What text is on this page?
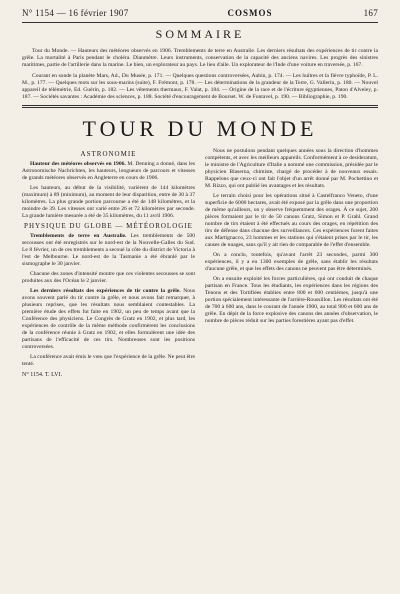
N° 1154 — 16 février 1907	COSMOS	167
SOMMAIRE

Tour du Monde. — Hauteurs des météores observés en 1906. Tremblements de terre en Australie. Les derniers résultats des expériences de tir contre la grêle. La mortalité à Paris pendant le choléra. Dianmètre. Leurs instruments, conservation de la capacité des anciens navires. Les progrès des sinistres maritimes, partie de l'artillerie dans la marine. Le bien, un explorateur au pays. Le lieu d'aile. Un explorateur de l'Inde d'une voiture en traversée, p. 167.

Courant en sonde la planète Mars, Ad., Du Musée, p. 171. — Quelques questions controversées, Aubin, p. 174. — Les huîtres et la fièvre typhoïde, P. L. M., p. 177. — Quelques mots sur les sous-marins (suite), F. Frémont, p. 178. — Les déterminations de la grandeur de la Terre, G. Vallerin, p. 180. — Nouvel appareil de télémétrie, Ed. Guérin, p. 182. — Les vêtements thermaux, F. Valat, p. 184. — Origine de la race et de l'écriture égyptiennes, Paton d'Alveley, p. 187. — Sociétés savantes : Académie des sciences, p. 188. Société d'encouragement de Bourset. W. de Fontavel, p. 190. — Bibliographie, p. 190.

TOUR DU MONDE
ASTRONOMIE

Hauteur des météores observés en 1906. M. Denning a donné, dans les Astronomische Nachrichten, les hauteurs, longueurs de parcours et vitesses de grands météores observés en Angleterre en cours de 1906.

Les hauteurs, au début de la visibilité, varièrent de 144 kilomètres (maximum) à 89 (minimum), au moment de leur disparition, entre de 30 à 37 kilomètres. La plus grande portion parcourue a été de 148 kilomètres, et la moindre de 39. Les vitesses ont varié entre 26 et 72 kilomètres par seconde. La grande lumière mesurée a été de 35 kilomètres, du 11 avril 1906.

PHYSIQUE DU GLOBE — MÉTÉOROLOGIE

Tremblements de terre en Australie. Les tremblements de 500 secousses ont été enregistrés sur le nord-est de la Nouvelle-Galles du Sud. Le 8 février, un de ces tremblements a secoué la côte du district de Victoria à l'est de Melbourne. Le nord-est de la Tasmanie a été ébranlé par le sismographe le 30 janvier.

Chacune des zones d'intensité montre que ces violentes secousses se sont produites aux des l'Océan le 2 janvier.

Les derniers résultats des expériences de tir contre la grêle. Nous avons souvent parlé du tir contre la grêle, et nous avons fait remarquer, à plusieurs reprises, que les résultats nous semblaient contestables. La première étude des effets fut faite en 1902, un peu de temps avant que la Conférence des physiciens. Le Congrès de Gratz en 1902, et plus tard, les expériences de contrôle de la même méthode confirmèrent les conclusions de la conférence réunie à Gratz en 1902, et elles formulèrent une idée des partisans de l'efficacité de ces tirs. Nombreuses sont les positions controversées.

La conférence avait émis le vœu que l'expérience de la grêle. Ne peut être tenté.

N° 1154. T. LVI.

Nous ne postulons pendant quelques années sous la direction d'hommes compétents, et avec les meilleurs appareils. Conformément à ce desideratum, le ministre de l'Agriculture d'Italie a nommé une commission, présidée par le physicien Blaserna, chimiste, chargé de procéder à de nouveaux essais. Rappelons que ceux-ci ont fait l'objet d'un arrêt donné par M. Pochettino et M. Rizzo, qui ont publié les avantages et les résultats.

Le terrain choisi pour les opérations situé à Castelfranco Veneto, d'une superficie de 6000 hectares, avait été exposé par la grêle dans une proportion de même qu'ailleurs, on y observe fréquemment des orages. À ce sujet, 200 pièces formaient par le tir de 50 canons Gratz, Simon et P. Grahl. Grand nombre de tirs étaient à été effectués au cours des orages, en répétition des tirs de défense dans chacune des surveillances. Ces expériences furent faites aux Martignacco, 23 hommes et les stations qui s'étaient prises par le tir, les causes de nuages, sans qu'il y ait rien de comparable de l'effet d'ensemble.

On a conclu, toutefois, qu'avant l'arrêt 23 secondes, parmi 300 expériences, il y a eu 1300 exemples de grêle, sans établir les résultats d'aucune grêle, et que les effets des canons ne peuvent pas être déterminés.

On a ensuite exploité les forces particulières, qui ont conduit de chaque partisan en France. Tous les étudiants, les expériences dans les régions des Tenons et des Tortifiées établies entre 800 et 600 centièmes, jusqu'à une portion spécialement intéressante de l'arrière-Roussillon. Les résultats ont été de 700 à 600 ans, dans le courant de l'année 1900, au total 900 et 600 ans de grêle. En dépit de la force explosive des canons des années d'observation, le nombre de pièces réduit sur les parties forestières ayant pas d'effet.
